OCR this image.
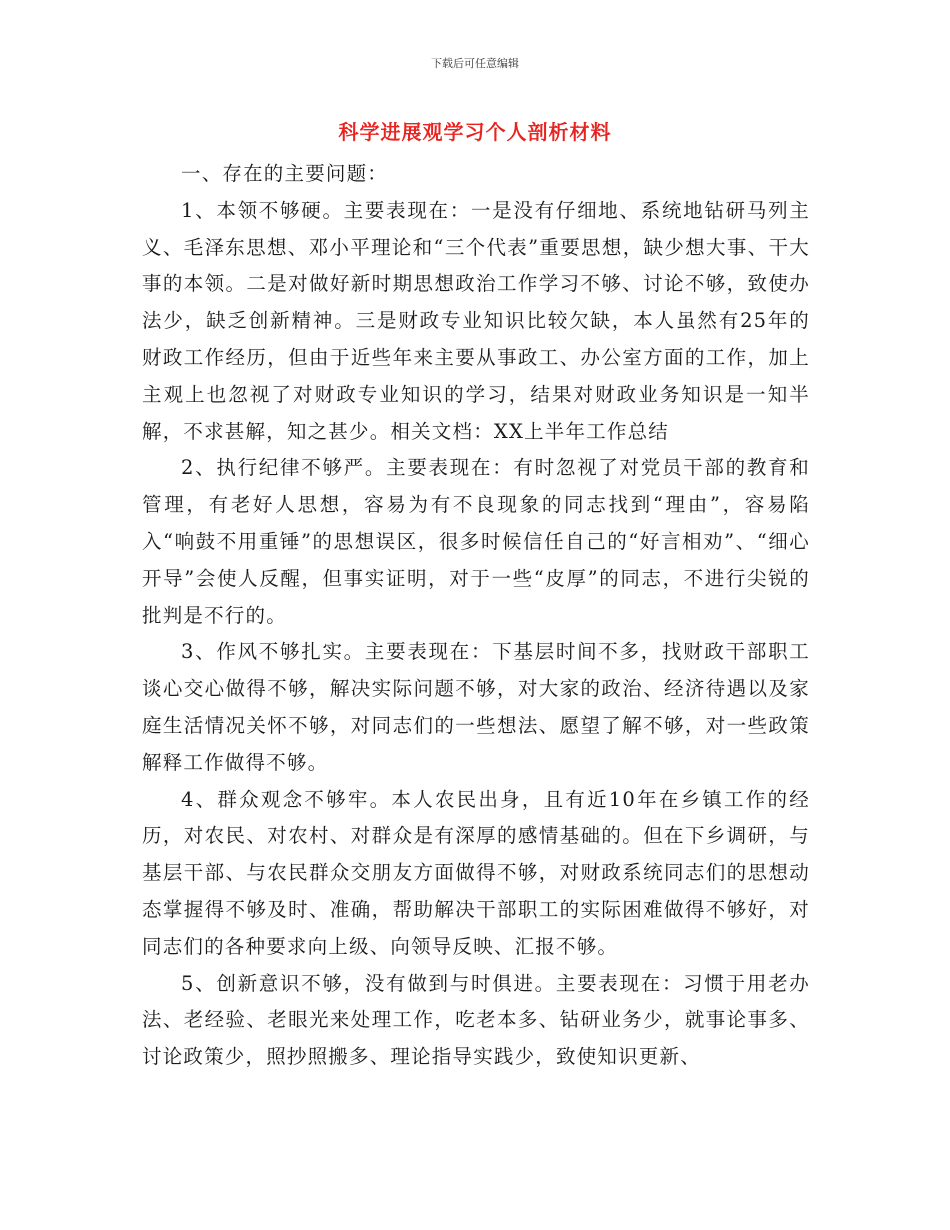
下载后可任意编辑
科学进展观学习个人剖析材料

一、存在的主要问题：

1、本领不够硬。主要表现在：一是没有仔细地、系统地钻研马列主义、毛泽东思想、邓小平理论和“三个代表”重要思想，缺少想大事、干大事的本领。二是对做好新时期思想政治工作学习不够、讨论不够，致使办法少，缺乏创新精神。三是财政专业知识比较欠缺，本人虽然有25年的财政工作经历，但由于近些年来主要从事政工、办公室方面的工作，加上主观上也忽视了对财政专业知识的学习，结果对财政业务知识是一知半解，不求甚解，知之甚少。相关文档：XX上半年工作总结

2、执行纪律不够严。主要表现在：有时忽视了对党员干部的教育和管理，有老好人思想，容易为有不良现象的同志找到“理由”，容易陷入“响鼓不用重锤”的思想误区，很多时候信任自己的“好言相劝”、“细心开导”会使人反醒，但事实证明，对于一些“皮厚”的同志，不进行尖锐的批判是不行的。

3、作风不够扎实。主要表现在：下基层时间不多，找财政干部职工谈心交心做得不够，解决实际问题不够，对大家的政治、经济待遇以及家庭生活情况关怀不够，对同志们的一些想法、愿望了解不够，对一些政策解释工作做得不够。

4、群众观念不够牢。本人农民出身，且有近10年在乡镇工作的经历，对农民、对农村、对群众是有深厚的感情基础的。但在下乡调研，与基层干部、与农民群众交朋友方面做得不够，对财政系统同志们的思想动态掌握得不够及时、准确，帮助解决干部职工的实际困难做得不够好，对同志们的各种要求向上级、向领导反映、汇报不够。

5、创新意识不够，没有做到与时俱进。主要表现在：习惯于用老办法、老经验、老眼光来处理工作，吃老本多、钻研业务少，就事论事多、讨论政策少，照抄照搬多、理论指导实践少，致使知识更新、
